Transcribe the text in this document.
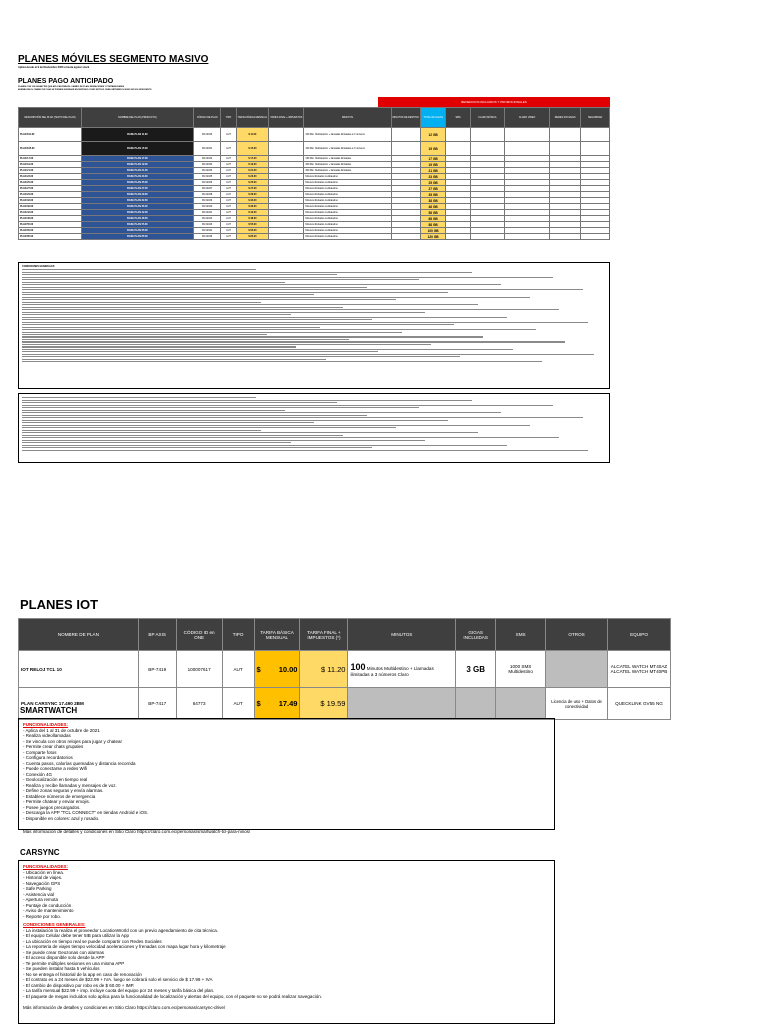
PLANES MÓVILES SEGMENTO MASIVO
Aplica desde el 9 de Noviembre 2023 a hasta agotar stock
PLANES PAGO ANTICIPADO
PLANES CON 100 GIGABYTES QUE APLICAN PARA EL CAMBIO DE PLAN, MIGRACIONES Y PORTABILIDADES
ADEMÁS EN EL CAMBIO DE PLAN SE PUEDEN INGRESAR EN DESTINOS COMO NETFLIX, PARA OBTENER EL BONO DE 50% DESCUENTO
BENEFICIOS INCLUIDOS Y PROMOCIONALES
DESCRIPCIÓN DEL PLAN (TEXTO DEL PLAN)	NOMBRE DEL PLAN (PRODUCTO)	CÓDIGO DE PLAN	TIPO	TARIFA BÁSICA MENSUAL	TARIFA FINAL + IMPUESTOS	MINUTOS	MINUTOS DE DESTINO	TOTAL DE GIGAS	SMS	CLARO MÚSICA	CLARO VIDEO	REDES SOCIALES	SEGURIDAD
PLAN $11.60	BASE PLAN 11.60	PA 02030	AUT	$ 11.60		100 Min. Multidestino + llamadas ilimitadas a 2 números		12 GB					
PLAN $15.60	BASE PLAN 15.60	PA 02031	AUT	$ 15.60		100 Min. Multidestino + llamadas ilimitadas a 3 números		15 GB					
PLAN 17.60	BASE PLAN 17.60	PA 02032	AUT	$ 17.60		150 Min. Multidestino + llamadas ilimitadas		17 GB					
PLAN 19.60	BASE PLAN 19.60	PA 02033	AUT	$ 19.60		300 Min. Multidestino + llamadas ilimitadas		19 GB					
PLAN 21.60	BASE PLAN 21.60	PA 02034	AUT	$ 21.60		300 Min. Multidestino + llamadas ilimitadas		21 GB					
PLAN 23.60	BASE PLAN 23.60	PA 02035	AUT	$ 23.60		Minutos ilimitados multidestino		23 GB					
PLAN 25.60	BASE PLAN 25.60	PA 02036	AUT	$ 25.60		Minutos ilimitados multidestino		25 GB					
PLAN 27.60	BASE PLAN 27.60	PA 02037	AUT	$ 27.60		Minutos ilimitados multidestino		27 GB					
PLAN 29.60	BASE PLAN 29.60	PA 02038	AUT	$ 29.60		Minutos ilimitados multidestino		35 GB					
PLAN 32.60	BASE PLAN 32.60	PA 02039	AUT	$ 32.60		Minutos ilimitados multidestino		38 GB					
PLAN 36.60	BASE PLAN 36.60	PA 02040	AUT	$ 36.60		Minutos ilimitados multidestino		48 GB					
PLAN 42.60	BASE PLAN 42.60	PA 02041	AUT	$ 42.60		Minutos ilimitados multidestino		58 GB					
PLAN 48.60	BASE PLAN 48.60	PA 02042	AUT	$ 48.60		Minutos ilimitados multidestino		68 GB					
PLAN 55.60	BASE PLAN 55.60	PA 02043	AUT	$ 55.60		Minutos ilimitados multidestino		88 GB					
PLAN 65.60	BASE PLAN 65.60	PA 02044	AUT	$ 65.60		Minutos ilimitados multidestino		100 GB					
PLAN 85.60	BASE PLAN 85.60	PA 02045	AUT	$ 85.60		Minutos ilimitados multidestino		120 GB					
CONDICIONES GENERALES
PLANES IOT
NOMBRE DE PLAN	BP AXIS	CÓDIGO ID en ONE	TIPO	TARIFA BÁSICA MENSUAL	TARIFA FINAL + IMPUESTOS (*)	MINUTOS	GIGAS INCLUIDAS	SMS	OTROS	EQUIPO
IOT RELOJ TCL 10	BP-7419	100007617	AUT	$ 10.00	$ 11.20	100 Minutos Multidestino + Llamadas ilimitadas a 3 números Claro	3 GB	1000 SMS Multidestino		ALCATEL WATCH MT40AZ ALCATEL WATCH MT40PB
PLAN CARSYNC 17.490 2BM	BP-7417	64773	AUT	$ 17.49	$ 19.59				Licencia de uso + Datos de conectividad	QUECKLINK GV55 NG
SMARTWATCH
FUNCIONALIDADES:
- Aplica del 1 al 31 de octubre de 2021
- Realiza videollamadas
- Se vincula con otros relojes para jugar y chatear
- Permite crear chats grupales
- Comparte fotos
- Configura recordatorios
- Cuenta pasos, calorías quemadas y distancia recorrida
- Puede conectarse a redes Wifi
- Conexión 4G
- Geolocalización en tiempo real
- Realiza y recibe llamadas y mensajes de voz.
- Define zonas seguras y envía alarmas.
- Establece números de emergencia
- Permite chatear y enviar emojis.
- Posee juegos precargados.
- Descarga la APP "TCL CONNECT" en tiendas Android e iOS.
- Disponible en colores: azul y rosado.
Más información de detalles y condiciones en Sitio Claro https://claro.com.ec/personas/smartwatch-tcl-para-ninos/
CARSYNC
FUNCIONALIDADES:
- Ubicación en línea.
- Historial de viajes.
- Navegación GPS
- Safe Parking
- Asistencia vial
- Apertura remota
- Puntaje de conducción
- Aviso de mantenimiento
- Reporte por robo.
CONDICIONES GENERALES:
- La instalación la realiza el proveedor LocationWorld con un previo agendamiento de cita técnica.
- El equipo Celular debe tener 5IB para utilizar la App
- La ubicación en tiempo real se puede compartir con Redes Sociales
- La reporteria de viajes tiempo velocidad aceleraciones y frenadas con mapa lugar hora y kilometraje
- Se puede crear Geozonas con alarmas
- El acceso disponible solo desde la APP
- Te permite múltiples sesiones en una misma APP
- Se pueden instalar hasta 5 vehículos
- No se entrega el historial de la app en caso de renovación
- El contrato es a 24 meses de $22.99 + IVA. luego se cobrará solo el servicio de $ 17.99 + IVA
- El cambio de dispositivo por robo es de $ 60.00 + IMP.
- La tarifa mensual $22.99 + imp. incluye cuota del equipo por 24 meses y tarifa básica del plan.
- El paquete de megas incluidos solo aplica para la funcionalidad de localización y alertas del equipo, con el paquete no se podrá realizar navegación.
Más información de detalles y condiciones en Sitio Claro https://claro.com.ec/personas/carsync-drive/
